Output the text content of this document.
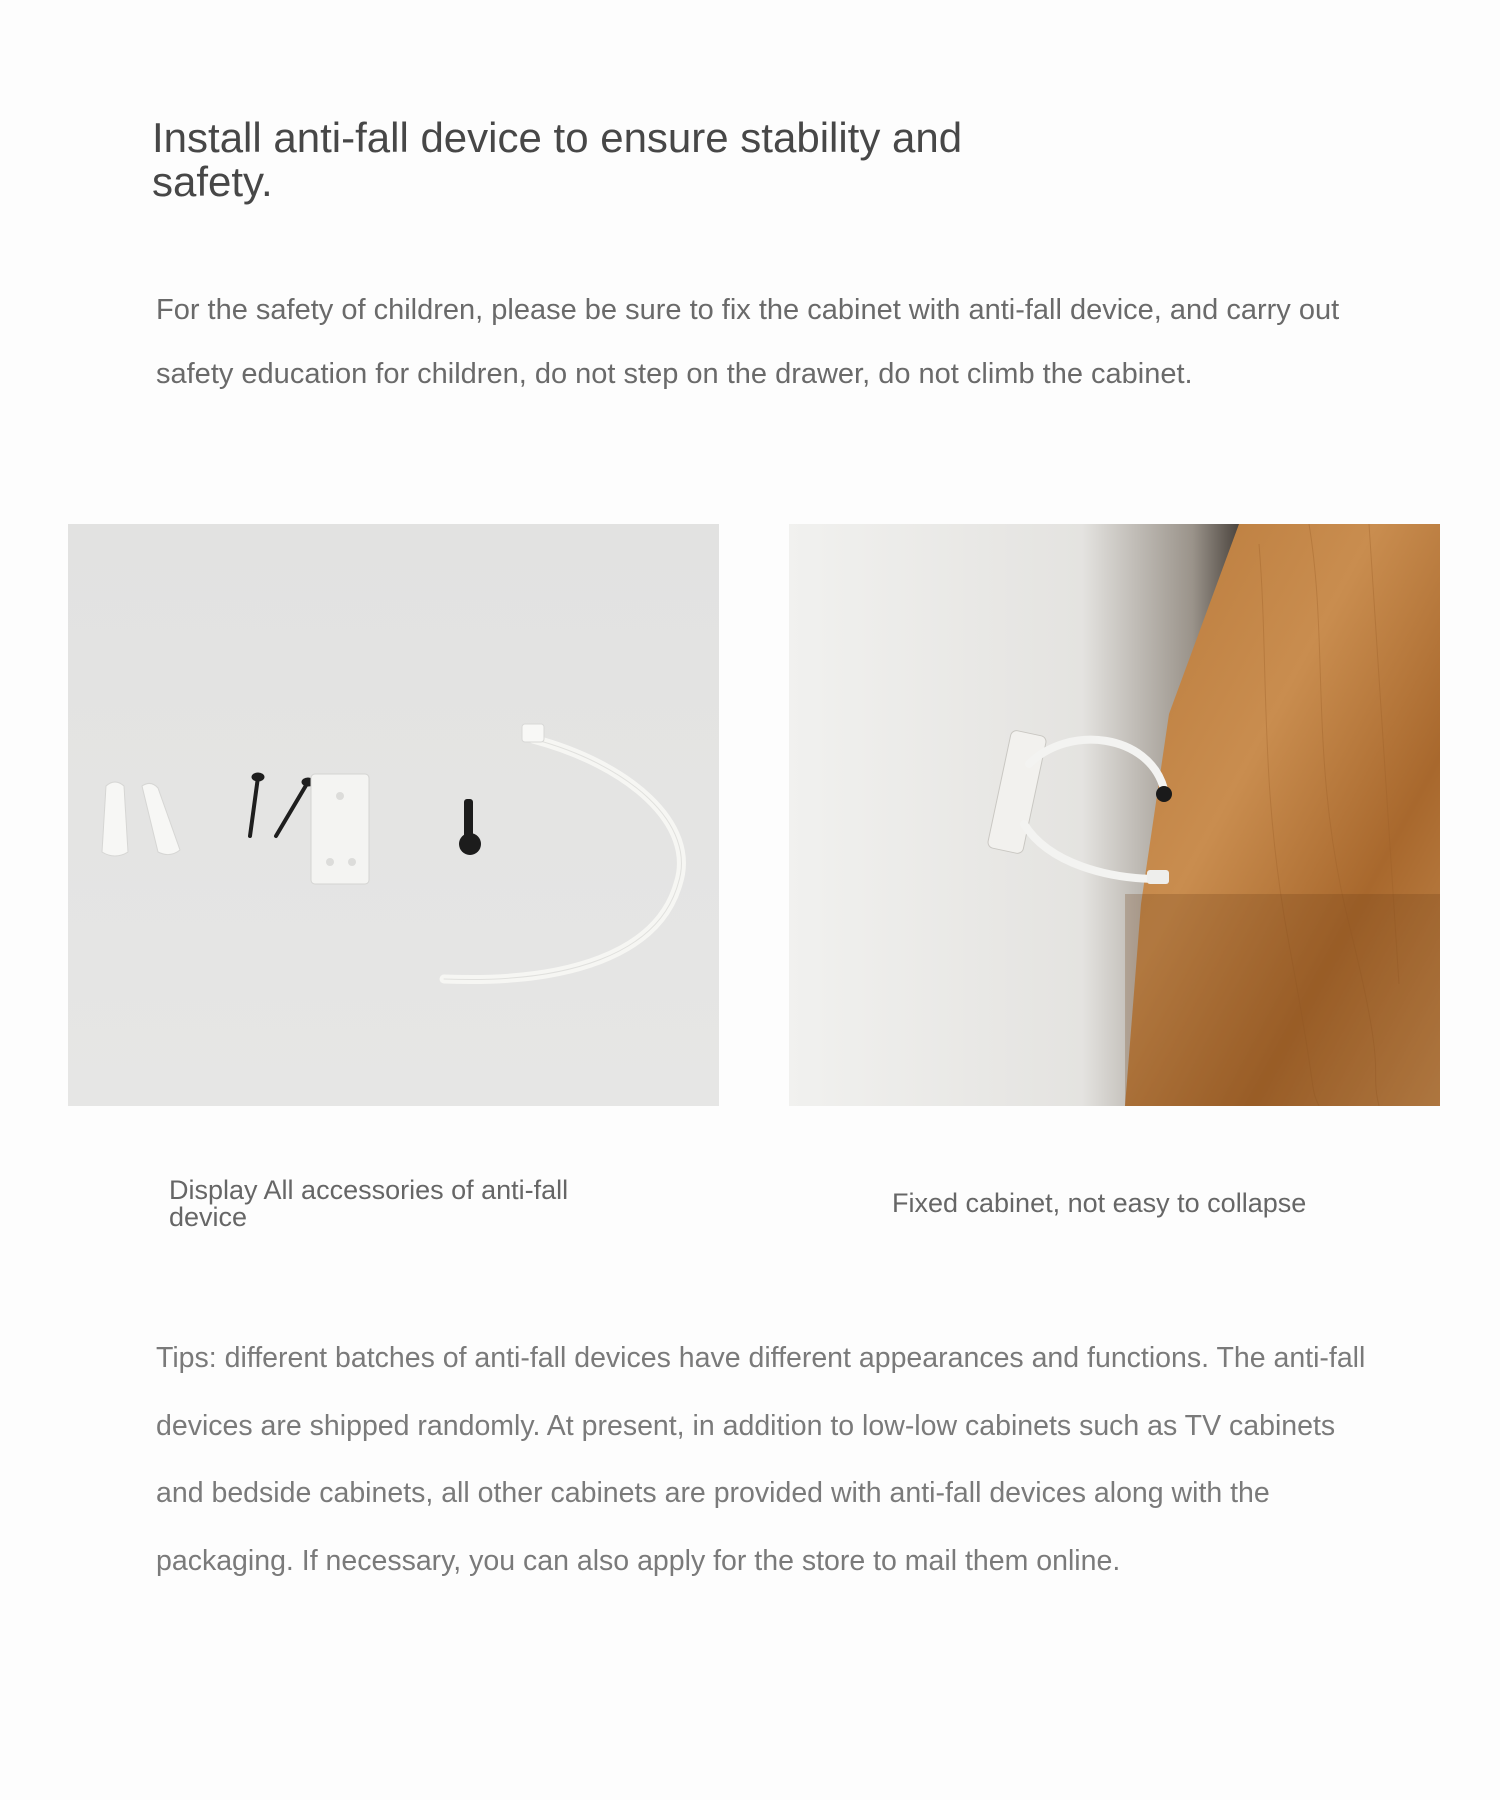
Install anti-fall device to ensure stability and safety.

For the safety of children, please be sure to fix the cabinet with anti-fall device, and carry out safety education for children, do not step on the drawer, do not climb the cabinet.

Display All accessories of anti-fall device	Fixed cabinet, not easy to collapse

Tips: different batches of anti-fall devices have different appearances and functions. The anti-fall devices are shipped randomly. At present, in addition to low-low cabinets such as TV cabinets and bedside cabinets, all other cabinets are provided with anti-fall devices along with the packaging. If necessary, you can also apply for the store to mail them online.
